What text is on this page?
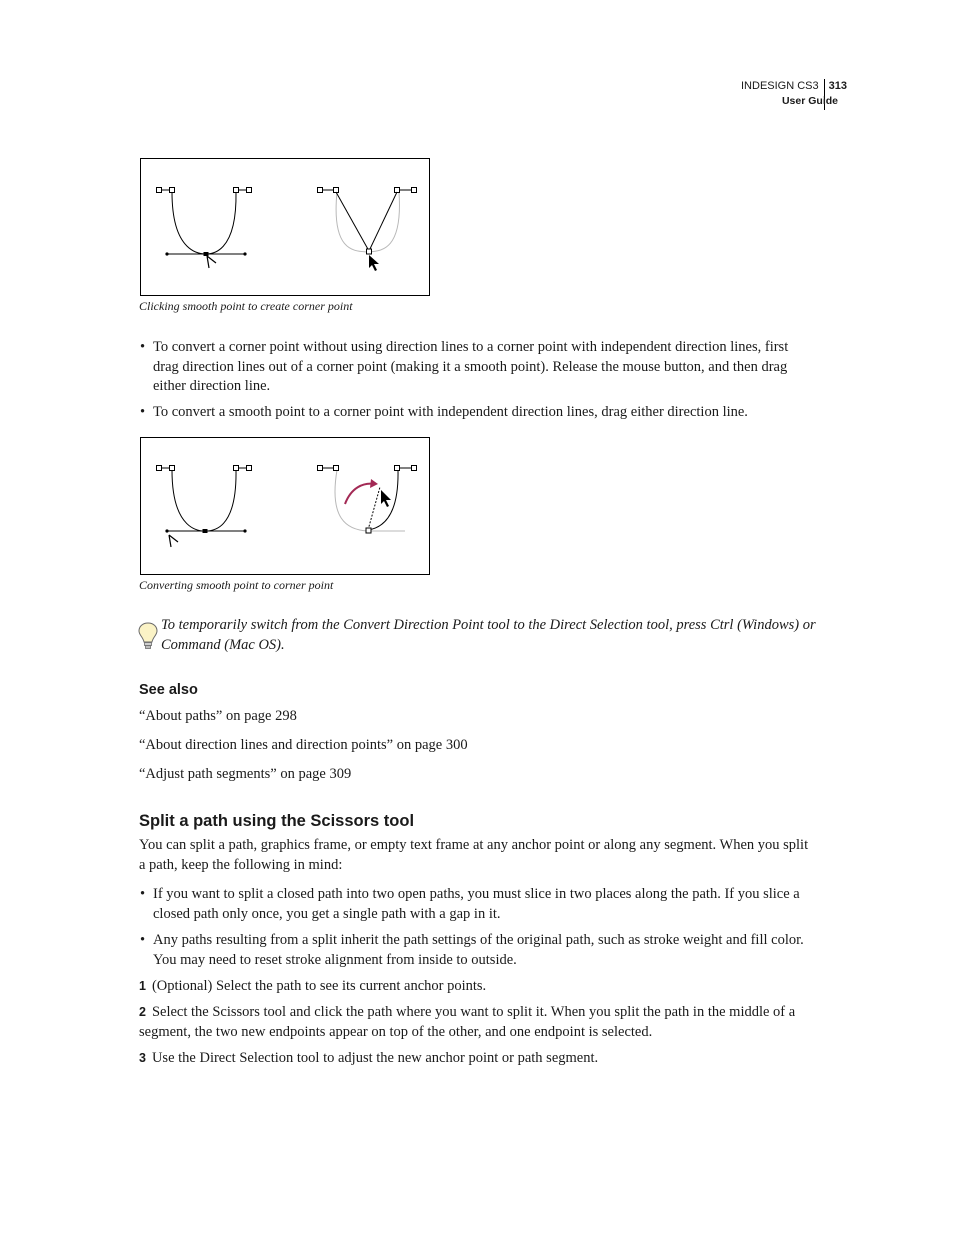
INDESIGN CS3 313
User Guide
Clicking smooth point to create corner point
• To convert a corner point without using direction lines to a corner point with independent direction lines, first drag direction lines out of a corner point (making it a smooth point). Release the mouse button, and then drag either direction line.
• To convert a smooth point to a corner point with independent direction lines, drag either direction line.
Converting smooth point to corner point
To temporarily switch from the Convert Direction Point tool to the Direct Selection tool, press Ctrl (Windows) or Command (Mac OS).
See also
“About paths” on page 298
“About direction lines and direction points” on page 300
“Adjust path segments” on page 309
Split a path using the Scissors tool
You can split a path, graphics frame, or empty text frame at any anchor point or along any segment. When you split a path, keep the following in mind:
• If you want to split a closed path into two open paths, you must slice in two places along the path. If you slice a closed path only once, you get a single path with a gap in it.
• Any paths resulting from a split inherit the path settings of the original path, such as stroke weight and fill color. You may need to reset stroke alignment from inside to outside.
1 (Optional) Select the path to see its current anchor points.
2 Select the Scissors tool and click the path where you want to split it. When you split the path in the middle of a segment, the two new endpoints appear on top of the other, and one endpoint is selected.
3 Use the Direct Selection tool to adjust the new anchor point or path segment.
